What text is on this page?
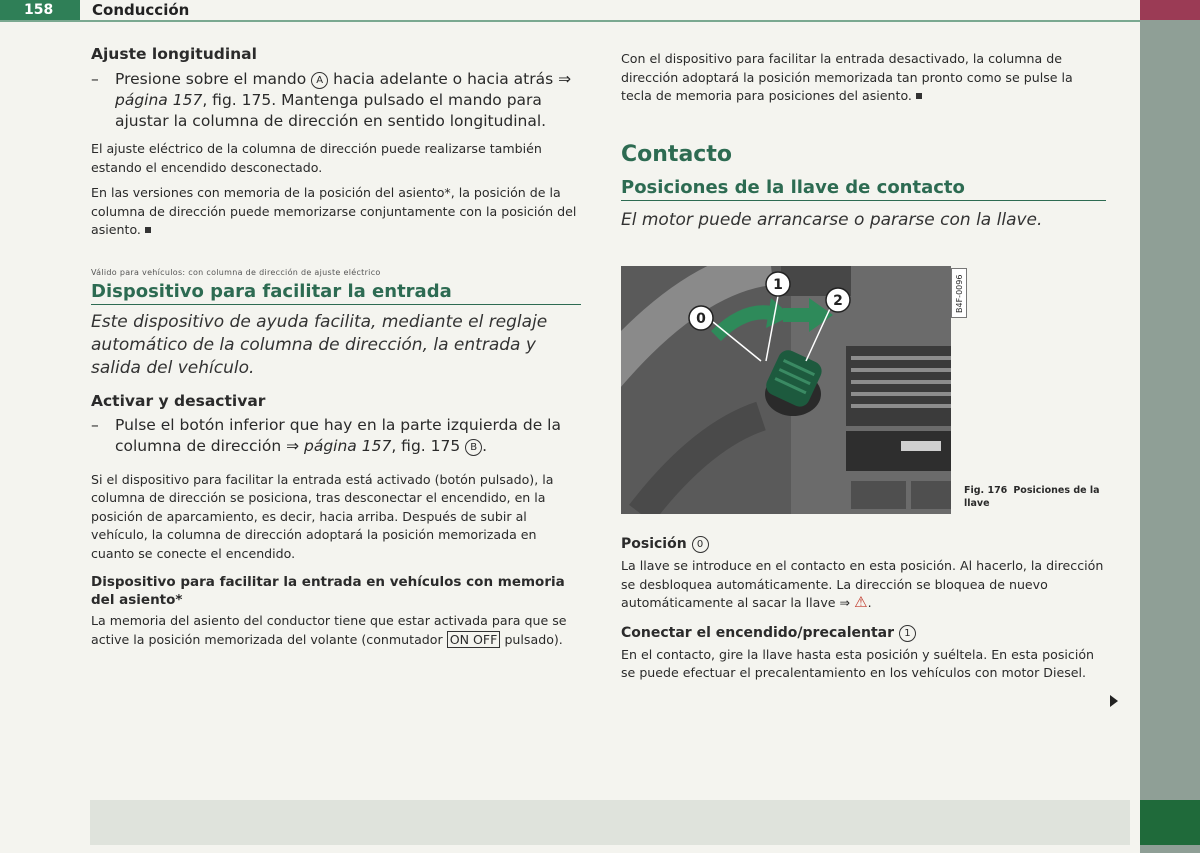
158	Conducción
Ajuste longitudinal

– Presione sobre el mando A hacia adelante o hacia atrás ⇒ página 157, fig. 175. Mantenga pulsado el mando para ajustar la columna de dirección en sentido longitudinal.

El ajuste eléctrico de la columna de dirección puede realizarse también estando el encendido desconectado.

En las versiones con memoria de la posición del asiento*, la posición de la columna de dirección puede memorizarse conjuntamente con la posición del asiento.

Válido para vehículos: con columna de dirección de ajuste eléctrico

Dispositivo para facilitar la entrada

Este dispositivo de ayuda facilita, mediante el reglaje automático de la columna de dirección, la entrada y salida del vehículo.

Activar y desactivar

– Pulse el botón inferior que hay en la parte izquierda de la columna de dirección ⇒ página 157, fig. 175 B .

Si el dispositivo para facilitar la entrada está activado (botón pulsado), la columna de dirección se posiciona, tras desconectar el encendido, en la posición de aparcamiento, es decir, hacia arriba. Después de subir al vehículo, la columna de dirección adoptará la posición memorizada en cuanto se conecte el encendido.

Dispositivo para facilitar la entrada en vehículos con memoria del asiento*

La memoria del asiento del conductor tiene que estar activada para que se active la posición memorizada del volante (conmutador ON OFF pulsado).

Con el dispositivo para facilitar la entrada desactivado, la columna de dirección adoptará la posición memorizada tan pronto como se pulse la tecla de memoria para posiciones del asiento.

Contacto
Posiciones de la llave de contacto

El motor puede arrancarse o pararse con la llave.

0
1
2	B4F-0096
Fig. 176 Posiciones de la llave
Posición 0

La llave se introduce en el contacto en esta posición. Al hacerlo, la dirección se desbloquea automáticamente. La dirección se bloquea de nuevo automáticamente al sacar la llave ⇒ ⚠.

Conectar el encendido/precalentar 1

En el contacto, gire la llave hasta esta posición y suéltela. En esta posición se puede efectuar el precalentamiento en los vehículos con motor Diesel.
